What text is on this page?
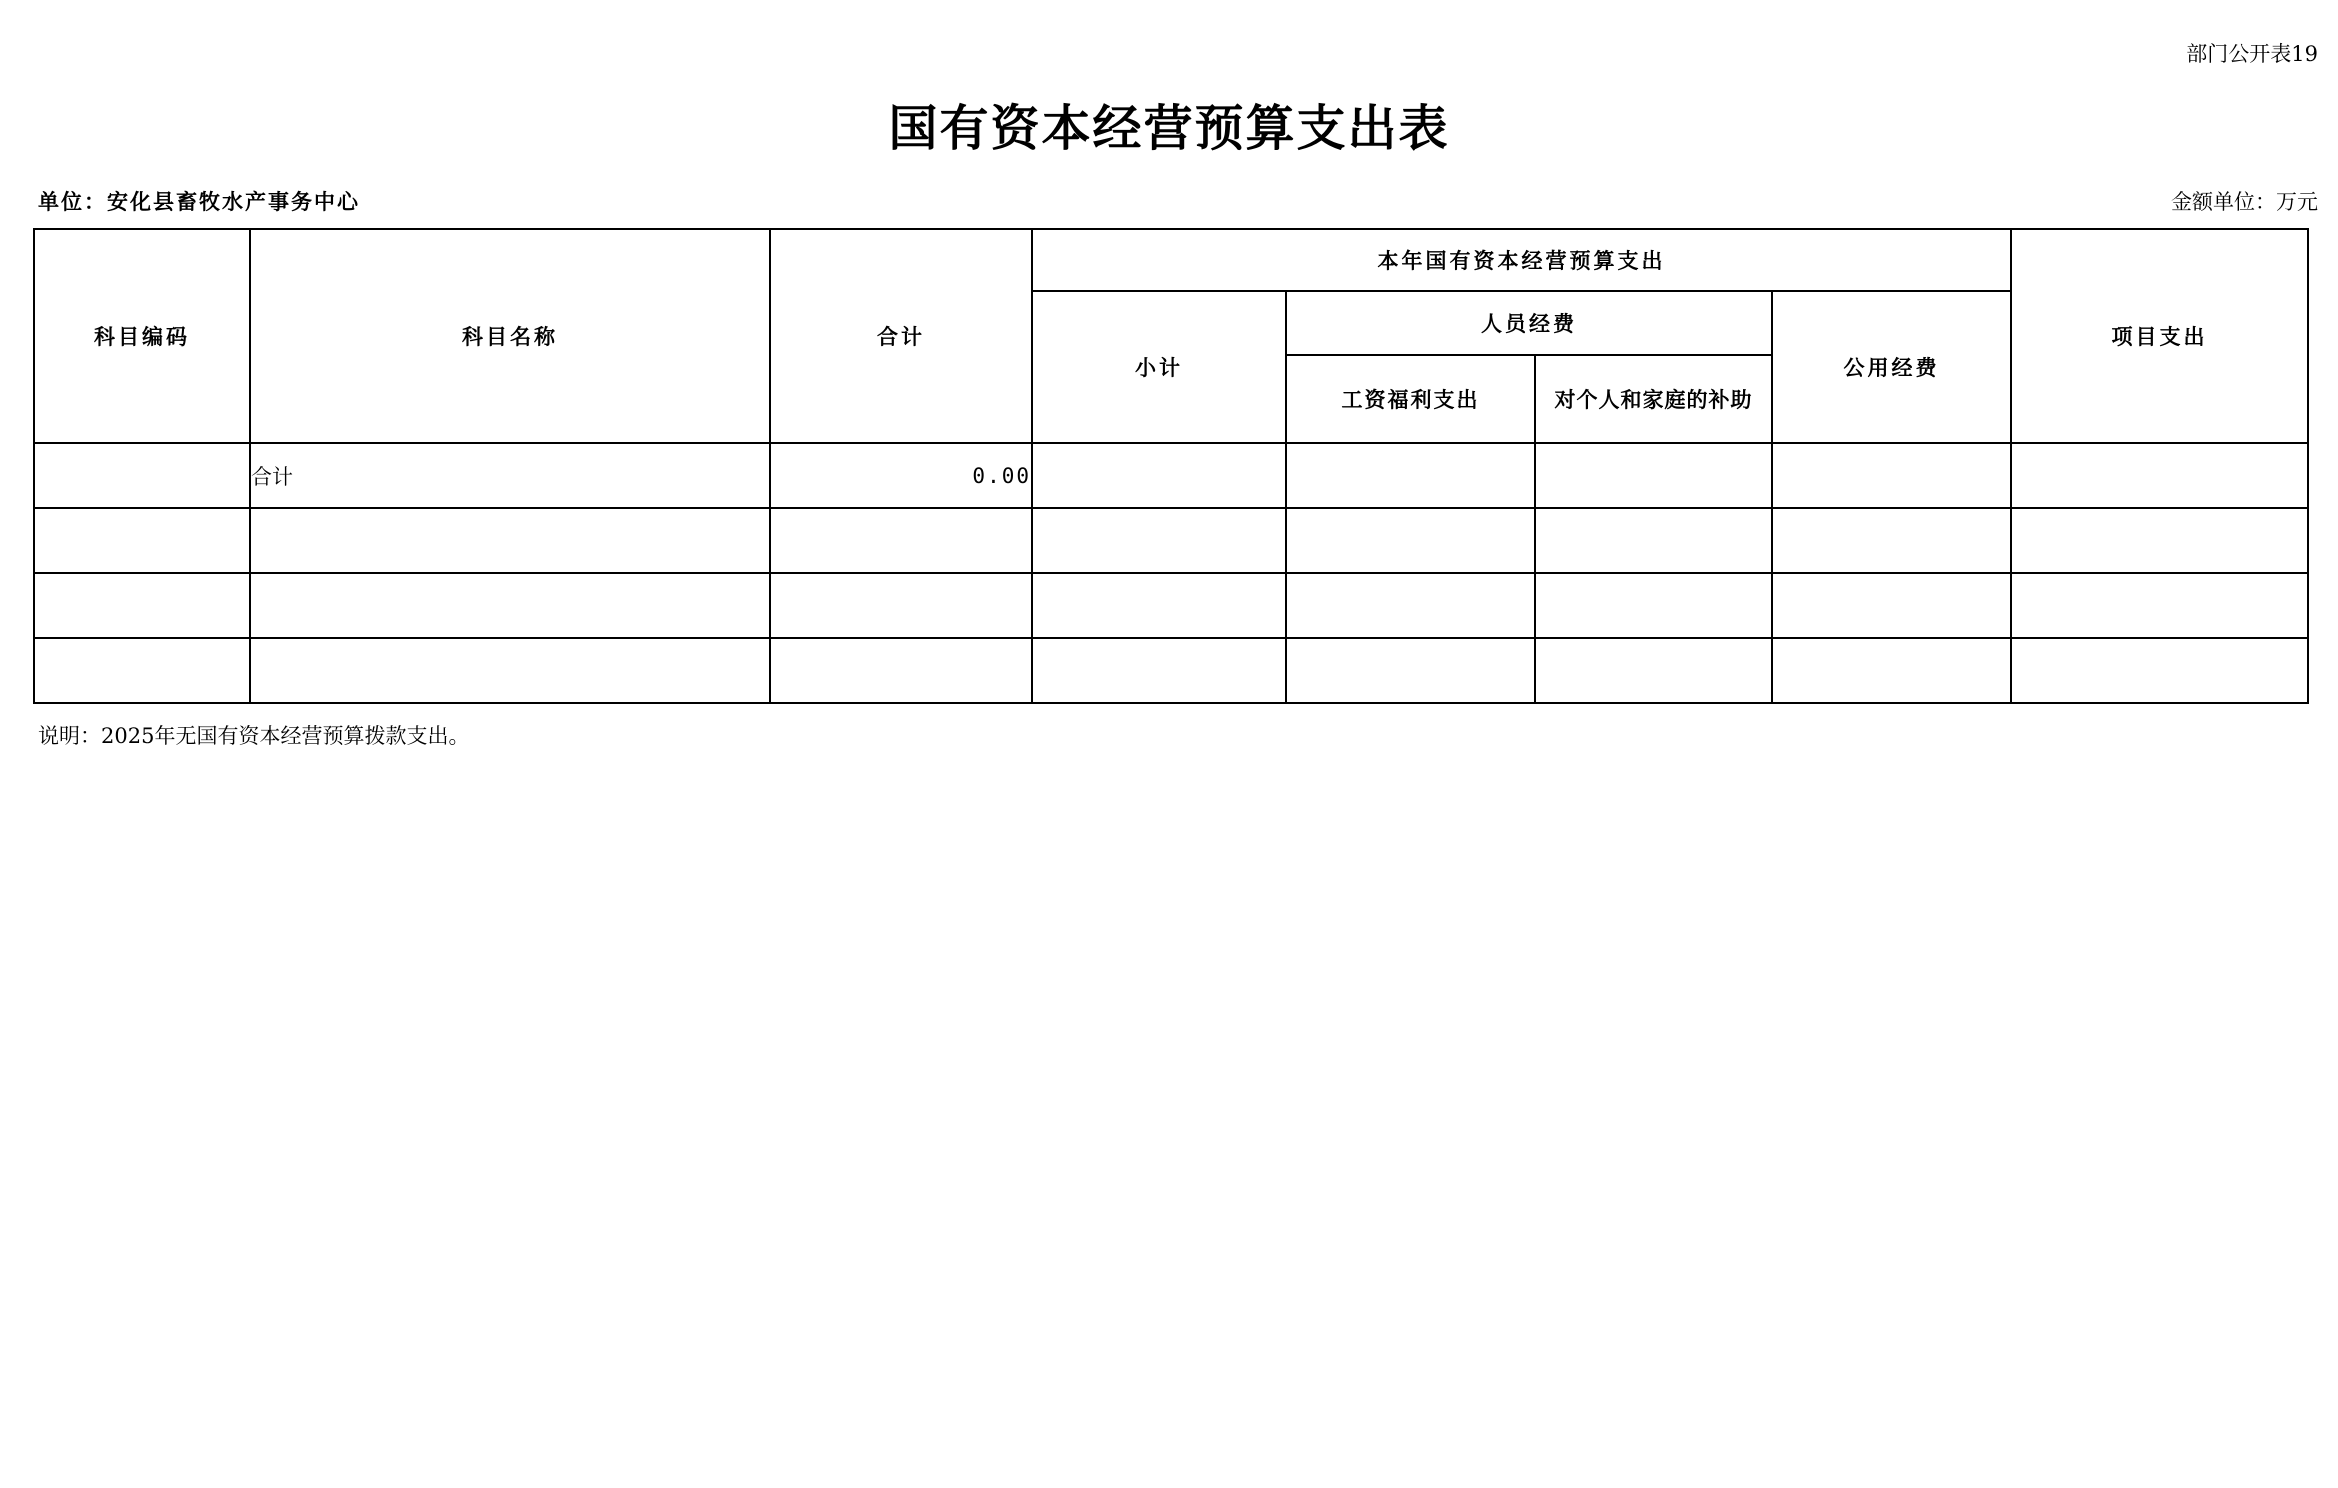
部门公开表19
国有资本经营预算支出表
单位：安化县畜牧水产事务中心	金额单位：万元
科目编码	科目名称	合计	本年国有资本经营预算支出				项目支出
			小计	人员经费		公用经费	
				工资福利支出	对个人和家庭的补助		
	合计	0.00					

说明：2025年无国有资本经营预算拨款支出。
